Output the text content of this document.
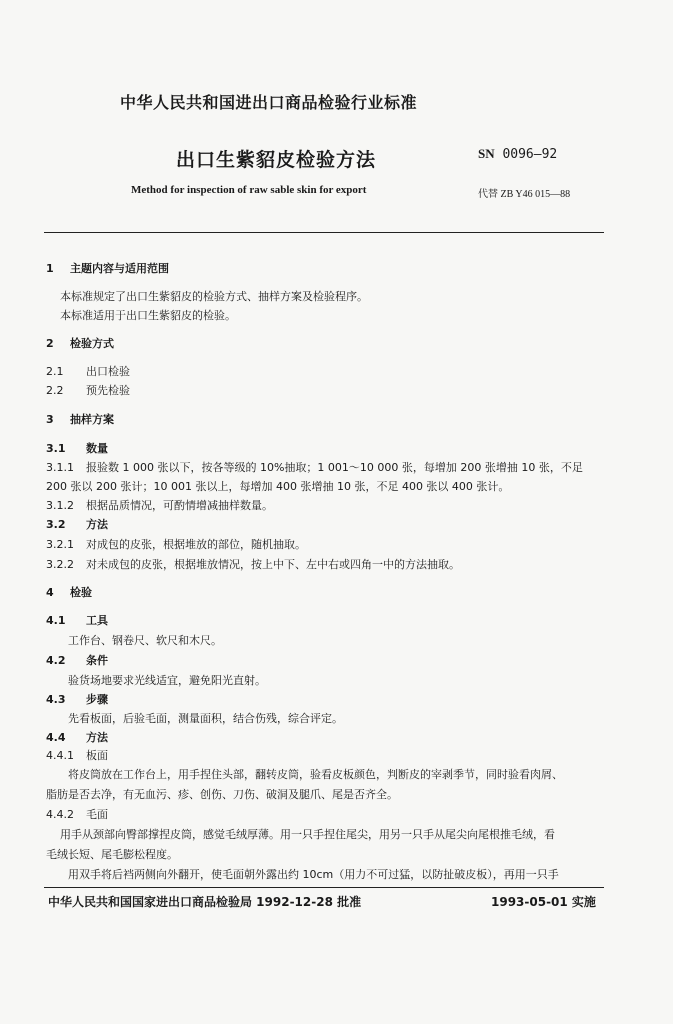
中华人民共和国进出口商品检验行业标准
出口生紫貂皮检验方法	SN 0096—92
Method for inspection of raw sable skin for export	代替 ZB Y46 015—88
1 主题内容与适用范围
本标准规定了出口生紫貂皮的检验方式、抽样方案及检验程序。
本标准适用于出口生紫貂皮的检验。
2 检验方式
2.1 出口检验
2.2 预先检验
3 抽样方案
3.1 数量
3.1.1 报验数 1 000 张以下，按各等级的 10%抽取；1 001～10 000 张，每增加 200 张增抽 10 张，不足
200 张以 200 张计；10 001 张以上，每增加 400 张增抽 10 张，不足 400 张以 400 张计。
3.1.2 根据品质情况，可酌情增减抽样数量。
3.2 方法
3.2.1 对成包的皮张，根据堆放的部位，随机抽取。
3.2.2 对未成包的皮张，根据堆放情况，按上中下、左中右或四角一中的方法抽取。
4 检验
4.1 工具
工作台、钢卷尺、软尺和木尺。
4.2 条件
验货场地要求光线适宜，避免阳光直射。
4.3 步骤
先看板面，后验毛面，测量面积，结合伤残，综合评定。
4.4 方法
4.4.1 板面
将皮筒放在工作台上，用手捏住头部，翻转皮筒，验看皮板颜色，判断皮的宰剥季节，同时验看肉屑、
脂肪是否去净，有无血污、疹、创伤、刀伤、破洞及腿爪、尾是否齐全。
4.4.2 毛面
用手从颈部向臀部撑捏皮筒，感觉毛绒厚薄。用一只手捏住尾尖，用另一只手从尾尖向尾根推毛绒，看
毛绒长短、尾毛膨松程度。
用双手将后裆两侧向外翻开，使毛面朝外露出约 10cm（用力不可过猛，以防扯破皮板），再用一只手
中华人民共和国国家进出口商品检验局 1992-12-28 批准	1993-05-01 实施
